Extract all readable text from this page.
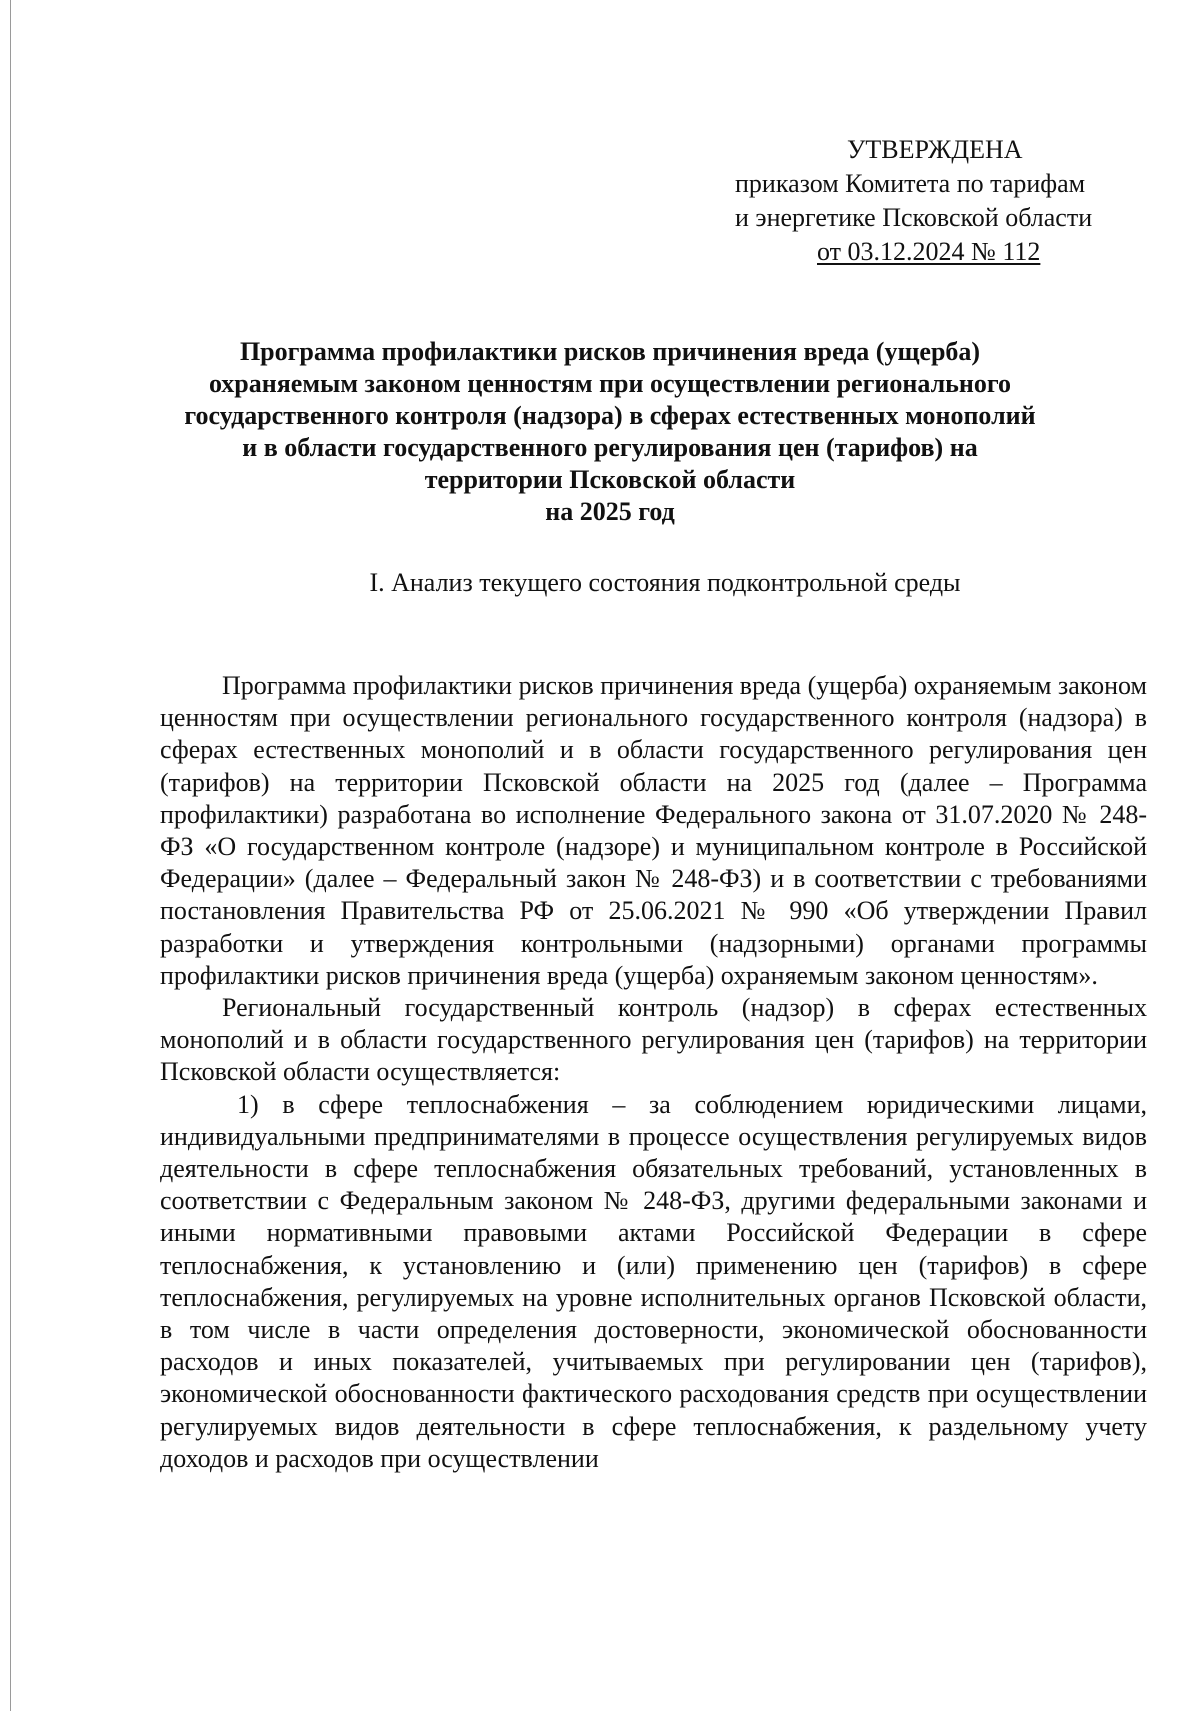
УТВЕРЖДЕНА
приказом Комитета по тарифам
и энергетике Псковской области
от 03.12.2024 № 112
Программа профилактики рисков причинения вреда (ущерба)
охраняемым законом ценностям при осуществлении регионального
государственного контроля (надзора) в сферах естественных монополий
и в области государственного регулирования цен (тарифов) на
территории Псковской области
на 2025 год
I. Анализ текущего состояния подконтрольной среды

Программа профилактики рисков причинения вреда (ущерба) охраняемым законом ценностям при осуществлении регионального государственного контроля (надзора) в сферах естественных монополий и в области государственного регулирования цен (тарифов) на территории Псковской области на 2025 год (далее – Программа профилактики) разработана во исполнение Федерального закона от 31.07.2020 № 248-ФЗ «О государственном контроле (надзоре) и муниципальном контроле в Российской Федерации» (далее – Федеральный закон № 248-ФЗ) и в соответствии с требованиями постановления Правительства РФ от 25.06.2021 № 990 «Об утверждении Правил разработки и утверждения контрольными (надзорными) органами программы профилактики рисков причинения вреда (ущерба) охраняемым законом ценностям».

Региональный государственный контроль (надзор) в сферах естественных монополий и в области государственного регулирования цен (тарифов) на территории Псковской области осуществляется:

1) в сфере теплоснабжения – за соблюдением юридическими лицами, индивидуальными предпринимателями в процессе осуществления регулируемых видов деятельности в сфере теплоснабжения обязательных требований, установленных в соответствии с Федеральным законом № 248-ФЗ, другими федеральными законами и иными нормативными правовыми актами Российской Федерации в сфере теплоснабжения, к установлению и (или) применению цен (тарифов) в сфере теплоснабжения, регулируемых на уровне исполнительных органов Псковской области, в том числе в части определения достоверности, экономической обоснованности расходов и иных показателей, учитываемых при регулировании цен (тарифов), экономической обоснованности фактического расходования средств при осуществлении регулируемых видов деятельности в сфере теплоснабжения, к раздельному учету доходов и расходов при осуществлении
